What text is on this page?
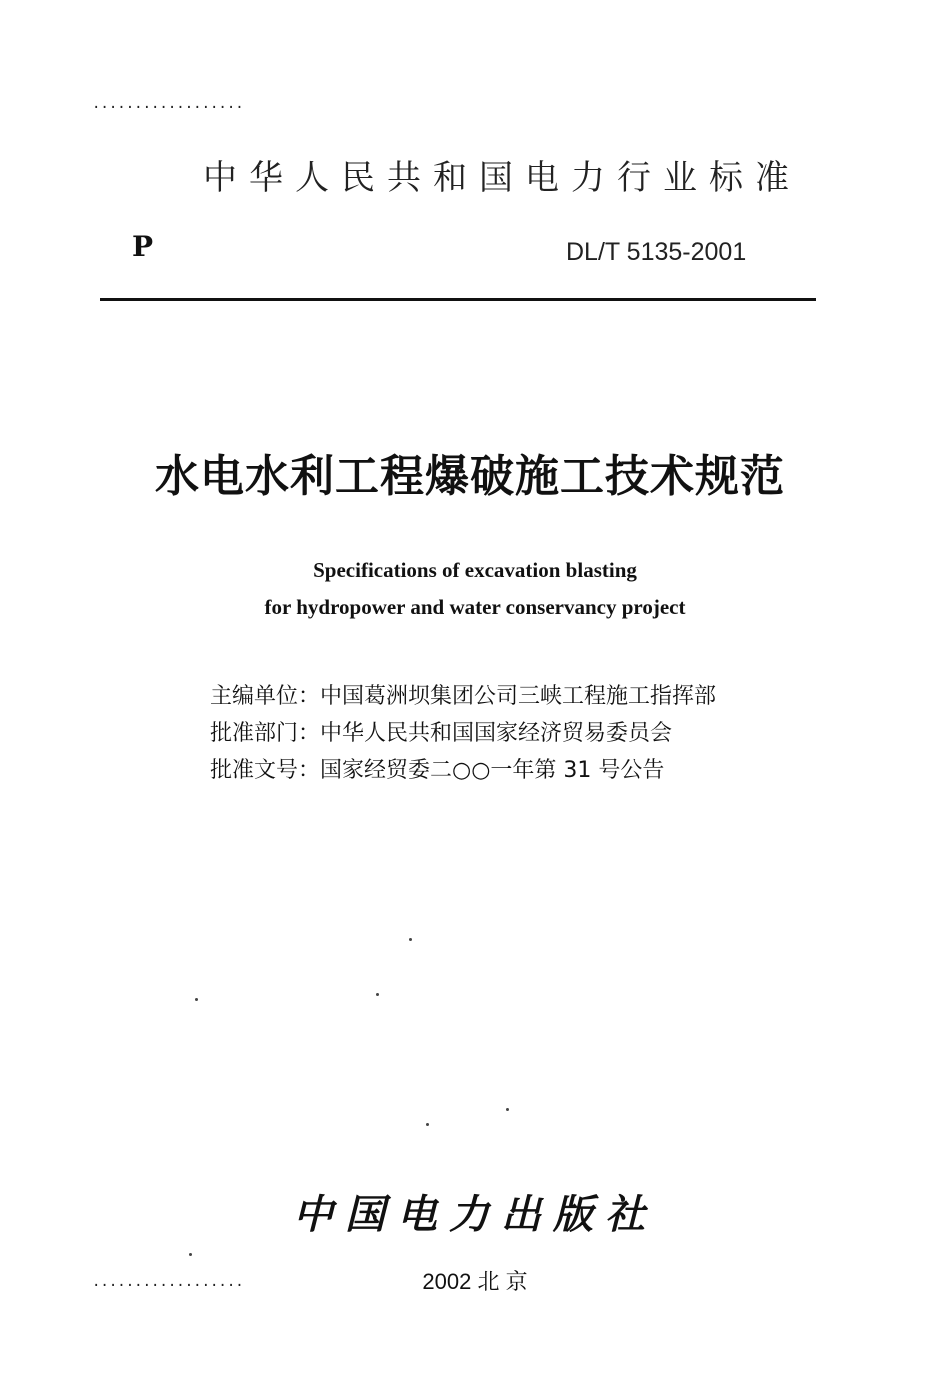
..................
中华人民共和国电力行业标准
P	DL/T 5135-2001
水电水利工程爆破施工技术规范
Specifications of excavation blasting
for hydropower and water conservancy project
主编单位：中国葛洲坝集团公司三峡工程施工指挥部
批准部门：中华人民共和国国家经济贸易委员会
批准文号：国家经贸委二○○一年第 31 号公告
中国电力出版社
2002 北 京
..................
